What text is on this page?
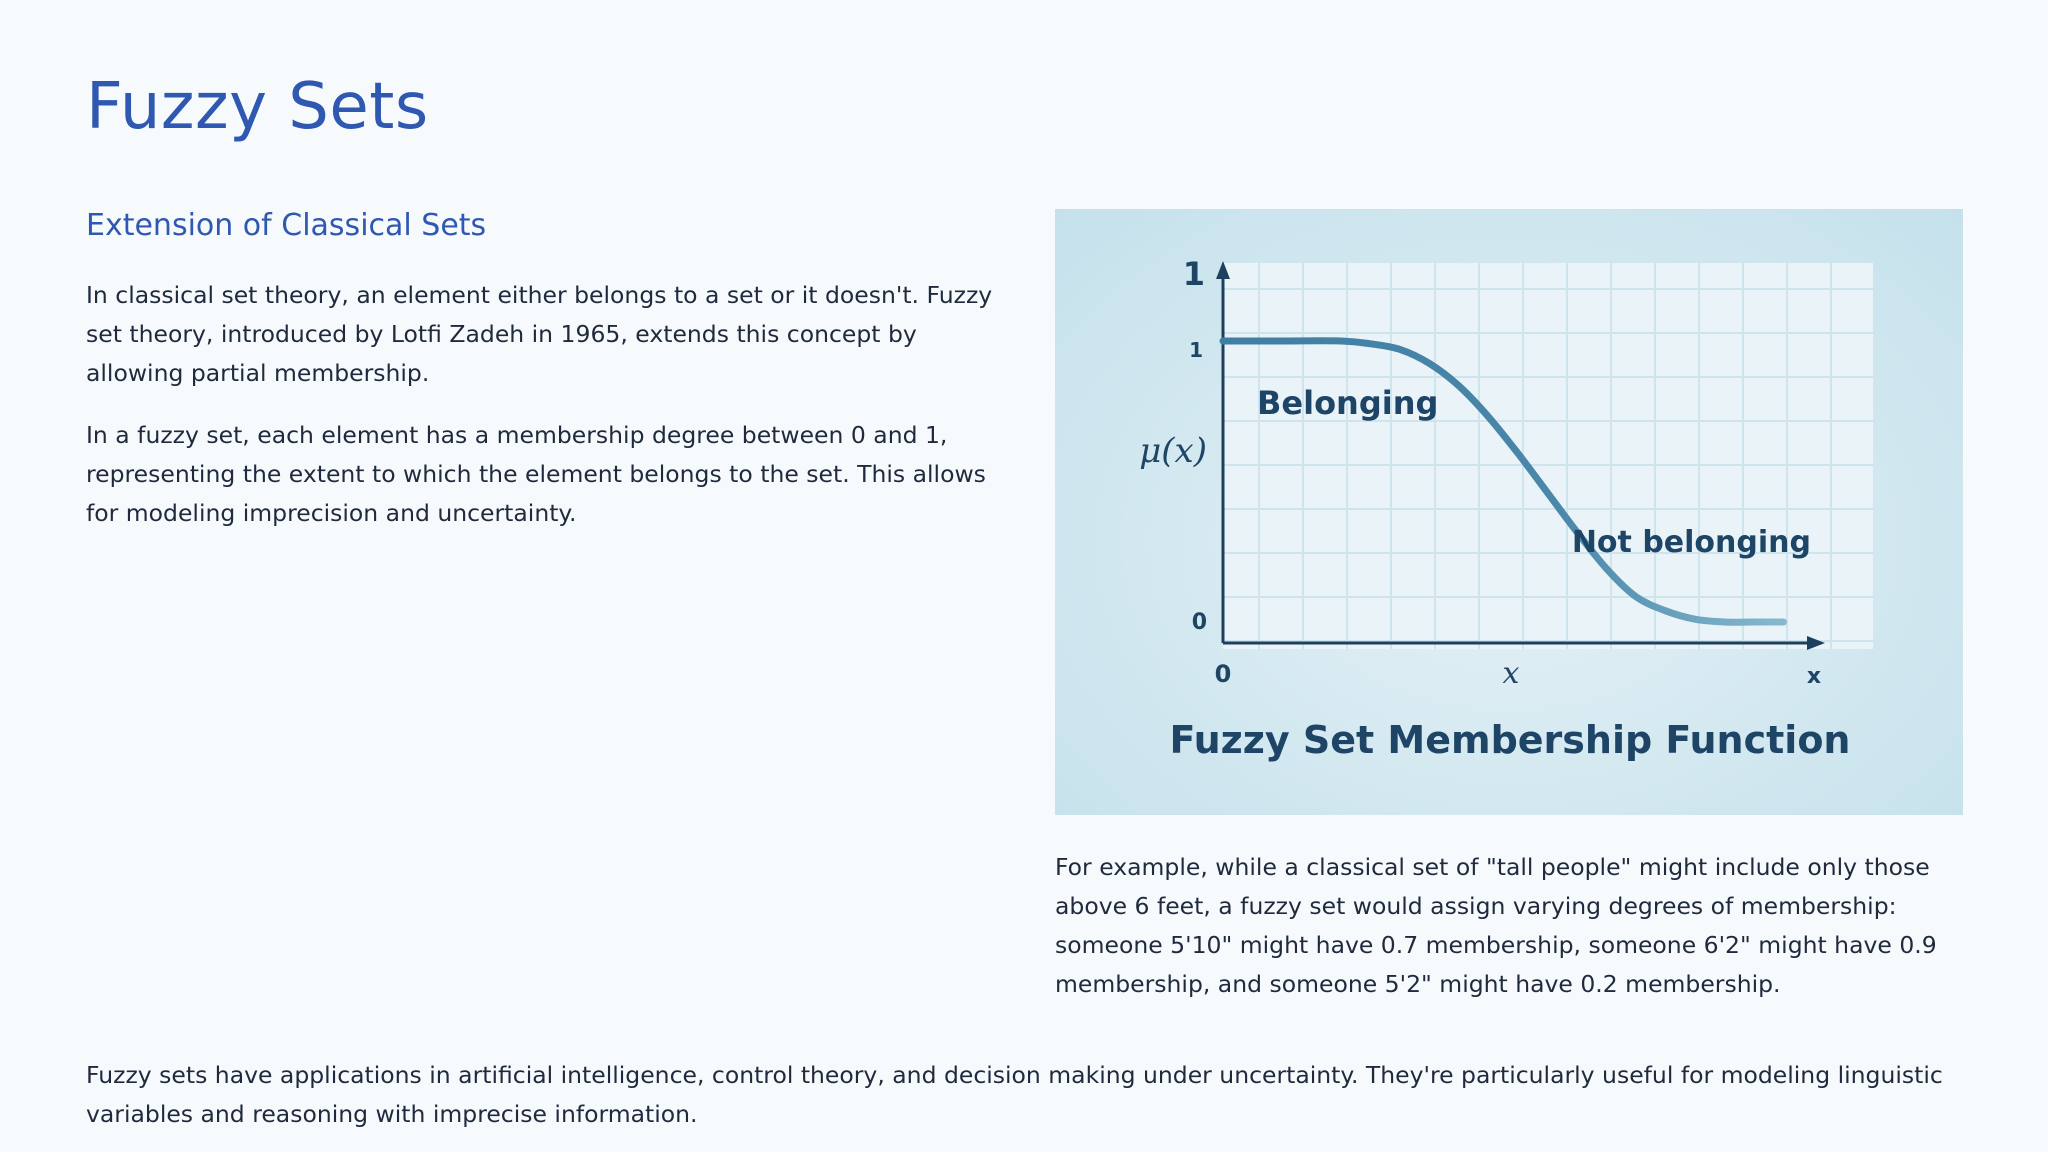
Fuzzy Sets
Extension of Classical Sets

In classical set theory, an element either belongs to a set or it doesn't. Fuzzy set theory, introduced by Lotfi Zadeh in 1965, extends this concept by allowing partial membership.

In a fuzzy set, each element has a membership degree between 0 and 1, representing the extent to which the element belongs to the set. This allows for modeling imprecision and uncertainty.

1
1
0
μ(x)
0	x	x
Belonging
Not belonging
Fuzzy Set Membership Function

For example, while a classical set of "tall people" might include only those above 6 feet, a fuzzy set would assign varying degrees of membership: someone 5'10" might have 0.7 membership, someone 6'2" might have 0.9 membership, and someone 5'2" might have 0.2 membership.

Fuzzy sets have applications in artificial intelligence, control theory, and decision making under uncertainty. They're particularly useful for modeling linguistic variables and reasoning with imprecise information.
